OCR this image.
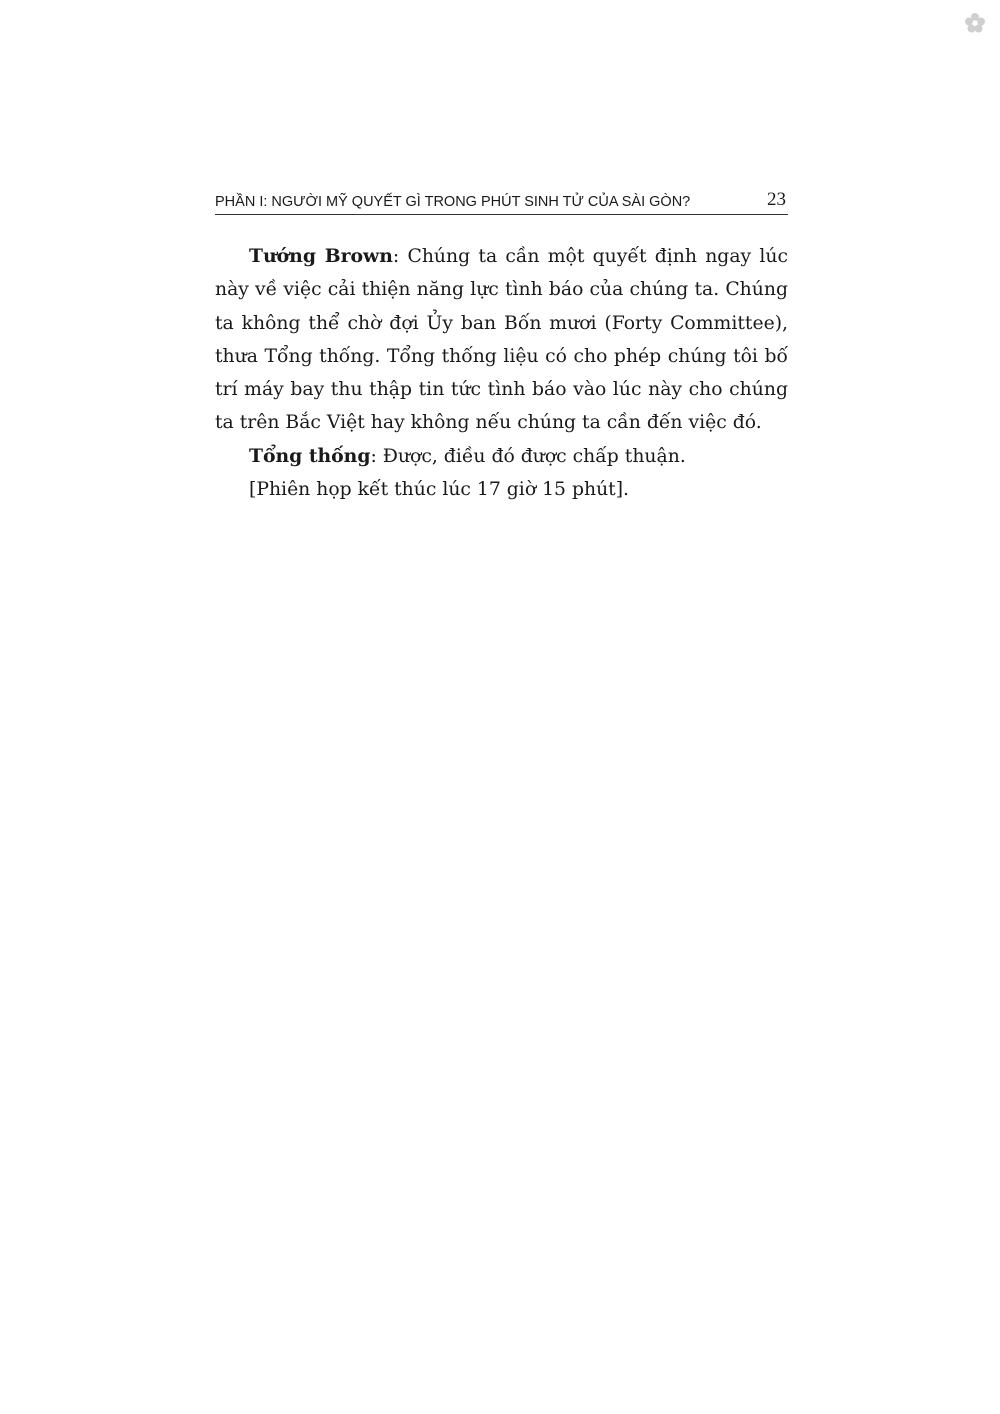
PHẦN I: NGƯỜI MỸ QUYẾT GÌ TRONG PHÚT SINH TỬ CỦA SÀI GÒN?	23

Tướng Brown: Chúng ta cần một quyết định ngay lúc này về việc cải thiện năng lực tình báo của chúng ta. Chúng ta không thể chờ đợi Ủy ban Bốn mươi (Forty Committee), thưa Tổng thống. Tổng thống liệu có cho phép chúng tôi bố trí máy bay thu thập tin tức tình báo vào lúc này cho chúng ta trên Bắc Việt hay không nếu chúng ta cần đến việc đó.

Tổng thống: Được, điều đó được chấp thuận.

[Phiên họp kết thúc lúc 17 giờ 15 phút].
